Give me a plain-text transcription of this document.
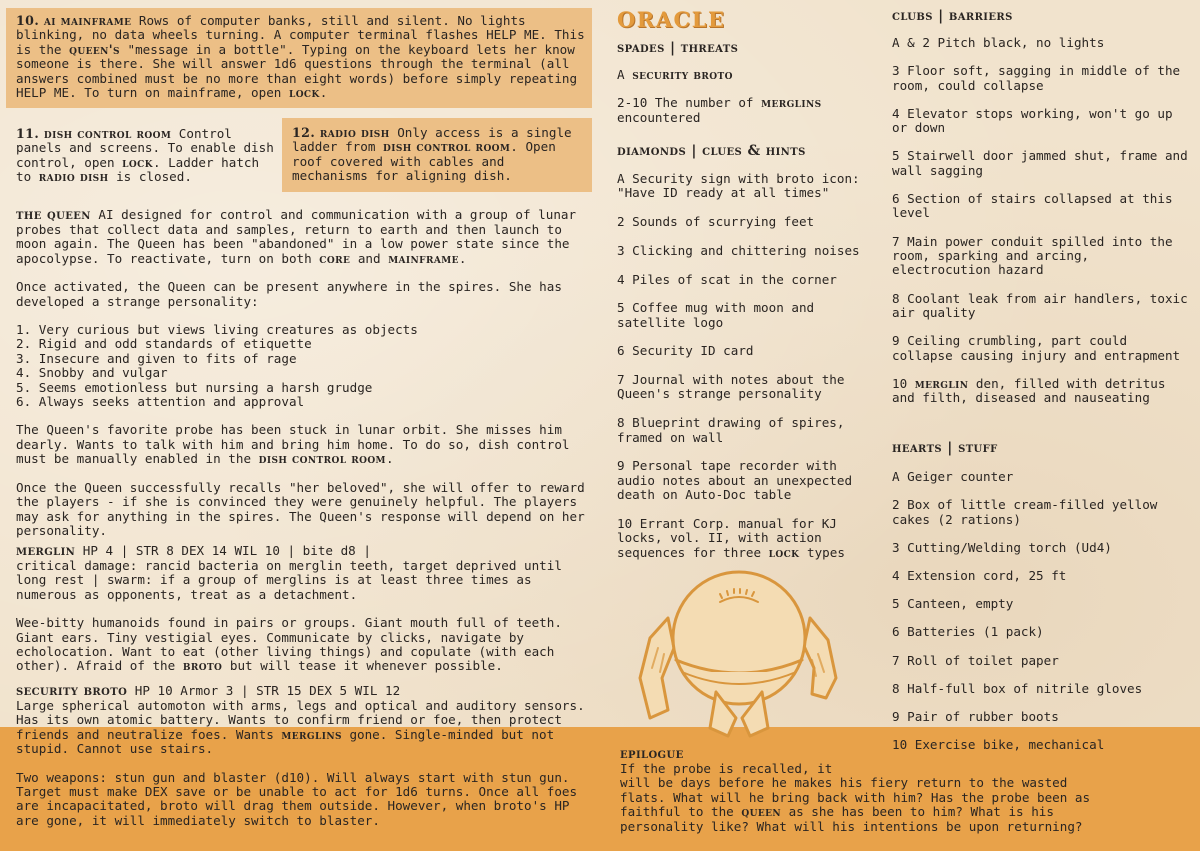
10. ai mainframe Rows of computer banks, still and silent. No lights blinking, no data wheels turning. A computer terminal flashes HELP ME. This is the queen's "message in a bottle". Typing on the keyboard lets her know someone is there. She will answer 1d6 questions through the terminal (all answers combined must be no more than eight words) before simply repeating HELP ME. To turn on mainframe, open lock.

11. dish control room Control panels and screens. To enable dish control, open lock. Ladder hatch to radio dish is closed.

12. radio dish Only access is a single ladder from dish control room. Open roof covered with cables and mechanisms for aligning dish.

the queen AI designed for control and communication with a group of lunar probes that collect data and samples, return to earth and then launch to moon again. The Queen has been "abandoned" in a low power state since the apocolypse. To reactivate, turn on both core and mainframe.

Once activated, the Queen can be present anywhere in the spires. She has developed a strange personality:

1. Very curious but views living creatures as objects
2. Rigid and odd standards of etiquette
3. Insecure and given to fits of rage
4. Snobby and vulgar
5. Seems emotionless but nursing a harsh grudge
6. Always seeks attention and approval

The Queen's favorite probe has been stuck in lunar orbit. She misses him dearly. Wants to talk with him and bring him home. To do so, dish control must be manually enabled in the dish control room.

Once the Queen successfully recalls "her beloved", she will offer to reward the players - if she is convinced they were genuinely helpful. The players may ask for anything in the spires. The Queen's response will depend on her personality.

merglin HP 4 | STR 8 DEX 14 WIL 10 | bite d8 |

critical damage: rancid bacteria on merglin teeth, target deprived until long rest | swarm: if a group of merglins is at least three times as numerous as opponents, treat as a detachment.

Wee-bitty humanoids found in pairs or groups. Giant mouth full of teeth. Giant ears. Tiny vestigial eyes. Communicate by clicks, navigate by echolocation. Want to eat (other living things) and copulate (with each other). Afraid of the broto but will tease it whenever possible.

security broto HP 10 Armor 3 | STR 15 DEX 5 WIL 12

Large spherical automoton with arms, legs and optical and auditory sensors. Has its own atomic battery. Wants to confirm friend or foe, then protect friends and neutralize foes. Wants merglins gone. Single-minded but not stupid. Cannot use stairs.

Two weapons: stun gun and blaster (d10). Will always start with stun gun. Target must make DEX save or be unable to act for 1d6 turns. Once all foes are incapacitated, broto will drag them outside. However, when broto's HP are gone, it will immediately switch to blaster.

ORACLE
spades | threats

A security broto

2-10 The number of merglins encountered

diamonds | clues & hints
A Security sign with broto icon: "Have ID ready at all times"
2 Sounds of scurrying feet
3 Clicking and chittering noises
4 Piles of scat in the corner
5 Coffee mug with moon and satellite logo
6 Security ID card
7 Journal with notes about the Queen's strange personality
8 Blueprint drawing of spires, framed on wall
9 Personal tape recorder with audio notes about an unexpected death on Auto-Doc table
10 Errant Corp. manual for KJ locks, vol. II, with action sequences for three lock types
clubs | barriers
A & 2 Pitch black, no lights
3 Floor soft, sagging in middle of the room, could collapse
4 Elevator stops working, won't go up or down
5 Stairwell door jammed shut, frame and wall sagging
6 Section of stairs collapsed at this level
7 Main power conduit spilled into the room, sparking and arcing, electrocution hazard
8 Coolant leak from air handlers, toxic air quality
9 Ceiling crumbling, part could collapse causing injury and entrapment
10 merglin den, filled with detritus and filth, diseased and nauseating
hearts | stuff
A Geiger counter
2 Box of little cream-filled yellow cakes (2 rations)
3 Cutting/Welding torch (Ud4)
4 Extension cord, 25 ft
5 Canteen, empty
6 Batteries (1 pack)
7 Roll of toilet paper
8 Half-full box of nitrile gloves
9 Pair of rubber boots
10 Exercise bike, mechanical
epilogue

If the probe is recalled, it

will be days before he makes his fiery return to the wasted flats. What will he bring back with him? Has the probe been as faithful to the queen as she has been to him? What is his personality like? What will his intentions be upon returning?
